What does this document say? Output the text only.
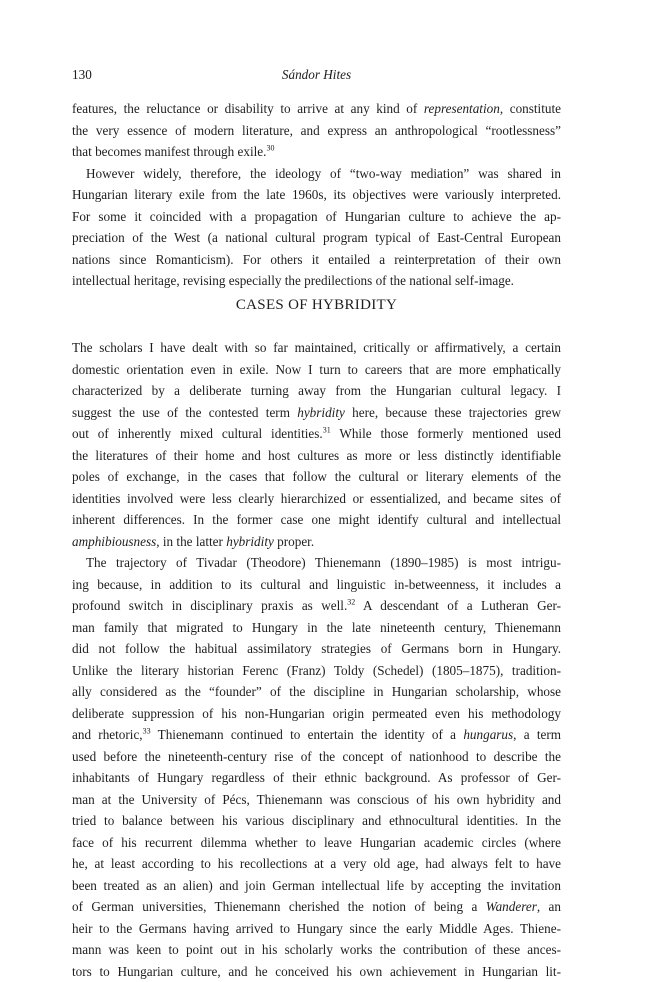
130	Sándor Hites
features, the reluctance or disability to arrive at any kind of representation, constitute
the very essence of modern literature, and express an anthropological “rootlessness”
that becomes manifest through exile.$^{30}$
However widely, therefore, the ideology of “two-way mediation” was shared in
Hungarian literary exile from the late 1960s, its objectives were variously interpreted.
For some it coincided with a propagation of Hungarian culture to achieve the ap-
preciation of the West (a national cultural program typical of East-Central European
nations since Romanticism). For others it entailed a reinterpretation of their own
intellectual heritage, revising especially the predilections of the national self-image.
CASES OF HYBRIDITY
The scholars I have dealt with so far maintained, critically or affirmatively, a certain
domestic orientation even in exile. Now I turn to careers that are more emphatically
characterized by a deliberate turning away from the Hungarian cultural legacy. I
suggest the use of the contested term hybridity here, because these trajectories grew
out of inherently mixed cultural identities.$^{31}$ While those formerly mentioned used
the literatures of their home and host cultures as more or less distinctly identifiable
poles of exchange, in the cases that follow the cultural or literary elements of the
identities involved were less clearly hierarchized or essentialized, and became sites of
inherent differences. In the former case one might identify cultural and intellectual
amphibiousness, in the latter hybridity proper.
The trajectory of Tivadar (Theodore) Thienemann (1890–1985) is most intrigu-
ing because, in addition to its cultural and linguistic in-betweenness, it includes a
profound switch in disciplinary praxis as well.$^{32}$ A descendant of a Lutheran Ger-
man family that migrated to Hungary in the late nineteenth century, Thienemann
did not follow the habitual assimilatory strategies of Germans born in Hungary.
Unlike the literary historian Ferenc (Franz) Toldy (Schedel) (1805–1875), tradition-
ally considered as the “founder” of the discipline in Hungarian scholarship, whose
deliberate suppression of his non-Hungarian origin permeated even his methodology
and rhetoric,$^{33}$ Thienemann continued to entertain the identity of a hungarus, a term
used before the nineteenth-century rise of the concept of nationhood to describe the
inhabitants of Hungary regardless of their ethnic background. As professor of Ger-
man at the University of Pécs, Thienemann was conscious of his own hybridity and
tried to balance between his various disciplinary and ethnocultural identities. In the
face of his recurrent dilemma whether to leave Hungarian academic circles (where
he, at least according to his recollections at a very old age, had always felt to have
been treated as an alien) and join German intellectual life by accepting the invitation
of German universities, Thienemann cherished the notion of being a Wanderer, an
heir to the Germans having arrived to Hungary since the early Middle Ages. Thiene-
mann was keen to point out in his scholarly works the contribution of these ances-
tors to Hungarian culture, and he conceived his own achievement in Hungarian lit-
